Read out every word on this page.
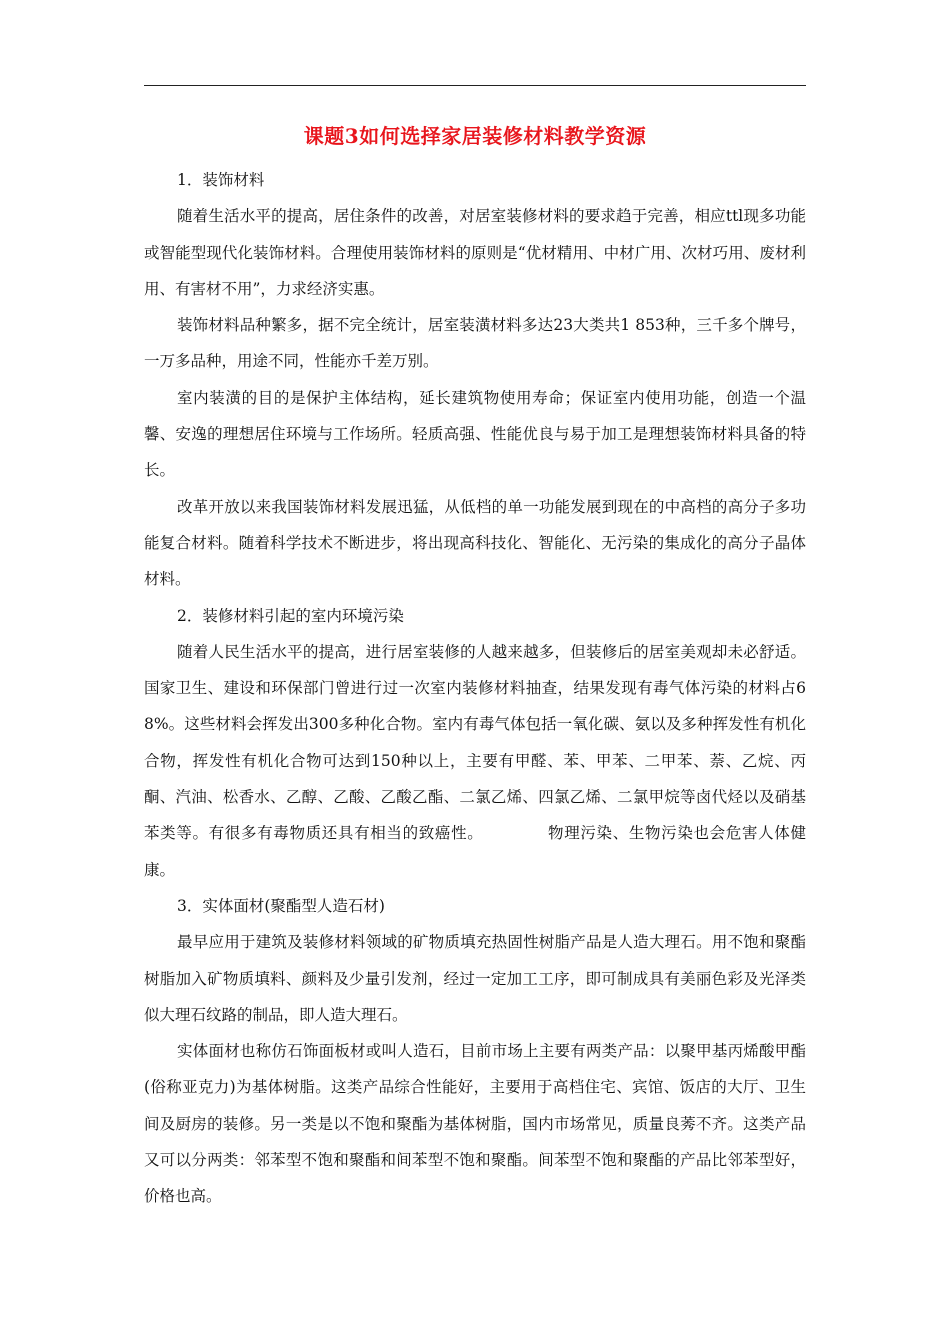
课题3如何选择家居装修材料教学资源

1．装饰材料

随着生活水平的提高，居住条件的改善，对居室装修材料的要求趋于完善，相应ttl现多功能或智能型现代化装饰材料。合理使用装饰材料的原则是“优材精用、中材广用、次材巧用、废材利用、有害材不用”，力求经济实惠。

装饰材料品种繁多，据不完全统计，居室装潢材料多达23大类共1 853种，三千多个牌号，一万多品种，用途不同，性能亦千差万别。

室内装潢的目的是保护主体结构，延长建筑物使用寿命；保证室内使用功能，创造一个温馨、安逸的理想居住环境与工作场所。轻质高强、性能优良与易于加工是理想装饰材料具备的特长。

改革开放以来我国装饰材料发展迅猛，从低档的单一功能发展到现在的中高档的高分子多功能复合材料。随着科学技术不断进步，将出现高科技化、智能化、无污染的集成化的高分子晶体材料。

2．装修材料引起的室内环境污染

随着人民生活水平的提高，进行居室装修的人越来越多，但装修后的居室美观却未必舒适。国家卫生、建设和环保部门曾进行过一次室内装修材料抽查，结果发现有毒气体污染的材料占68%。这些材料会挥发出300多种化合物。室内有毒气体包括一氧化碳、氨以及多种挥发性有机化合物，挥发性有机化合物可达到150种以上，主要有甲醛、苯、甲苯、二甲苯、萘、乙烷、丙酮、汽油、松香水、乙醇、乙酸、乙酸乙酯、二氯乙烯、四氯乙烯、二氯甲烷等卤代烃以及硝基苯类等。有很多有毒物质还具有相当的致癌性。	物理污染、生物污染也会危害人体健康。

3．实体面材(聚酯型人造石材)

最早应用于建筑及装修材料领域的矿物质填充热固性树脂产品是人造大理石。用不饱和聚酯树脂加入矿物质填料、颜料及少量引发剂，经过一定加工工序，即可制成具有美丽色彩及光泽类似大理石纹路的制品，即人造大理石。

实体面材也称仿石饰面板材或叫人造石，目前市场上主要有两类产品：以聚甲基丙烯酸甲酯(俗称亚克力)为基体树脂。这类产品综合性能好，主要用于高档住宅、宾馆、饭店的大厅、卫生间及厨房的装修。另一类是以不饱和聚酯为基体树脂，国内市场常见，质量良莠不齐。这类产品又可以分两类：邻苯型不饱和聚酯和间苯型不饱和聚酯。间苯型不饱和聚酯的产品比邻苯型好，价格也高。
